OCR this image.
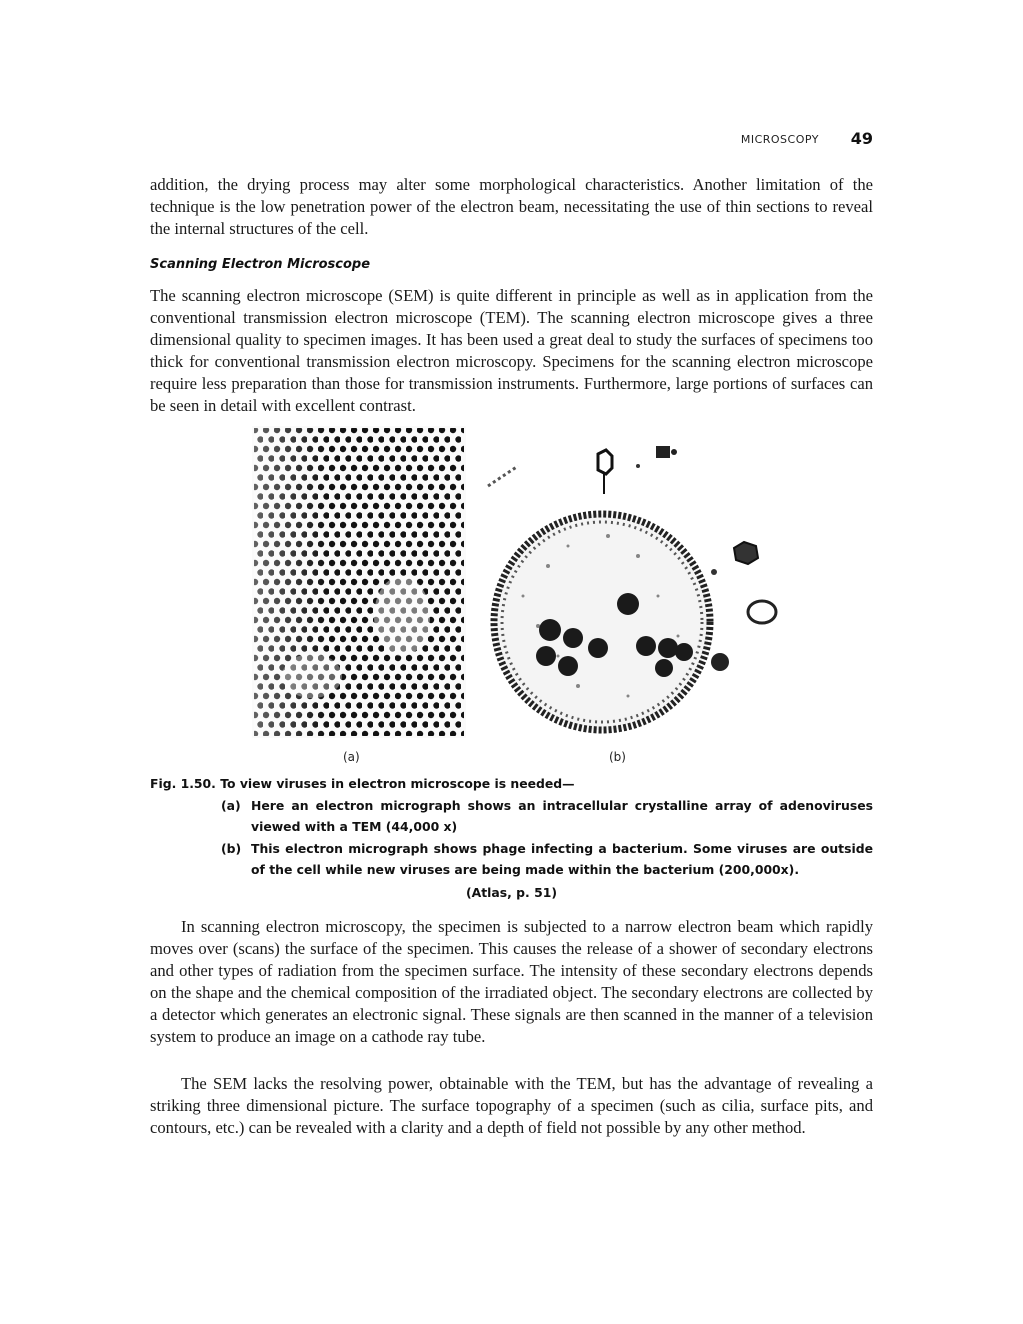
MICROSCOPY 49
addition, the drying process may alter some morphological characteristics. Another limitation of the technique is the low penetration power of the electron beam, necessitating the use of thin sections to reveal the internal structures of the cell.
Scanning Electron Microscope
The scanning electron microscope (SEM) is quite different in principle as well as in application from the conventional transmission electron microscope (TEM). The scanning electron microscope gives a three dimensional quality to specimen images. It has been used a great deal to study the surfaces of specimens too thick for conventional transmission electron microscopy. Specimens for the scanning electron microscope require less preparation than those for transmission instruments. Furthermore, large portions of surfaces can be seen in detail with excellent contrast.
(a)	(b)
Fig. 1.50. To view viruses in electron microscope is needed—
(a) Here an electron micrograph shows an intracellular crystalline array of adenoviruses viewed with a TEM (44,000 x)
(b) This electron micrograph shows phage infecting a bacterium. Some viruses are outside of the cell while new viruses are being made within the bacterium (200,000x).
(Atlas, p. 51)
In scanning electron microscopy, the specimen is subjected to a narrow electron beam which rapidly moves over (scans) the surface of the specimen. This causes the release of a shower of secondary electrons and other types of radiation from the specimen surface. The intensity of these secondary electrons depends on the shape and the chemical composition of the irradiated object. The secondary electrons are collected by a detector which generates an electronic signal. These signals are then scanned in the manner of a television system to produce an image on a cathode ray tube.
The SEM lacks the resolving power, obtainable with the TEM, but has the advantage of revealing a striking three dimensional picture. The surface topography of a specimen (such as cilia, surface pits, and contours, etc.) can be revealed with a clarity and a depth of field not possible by any other method.
